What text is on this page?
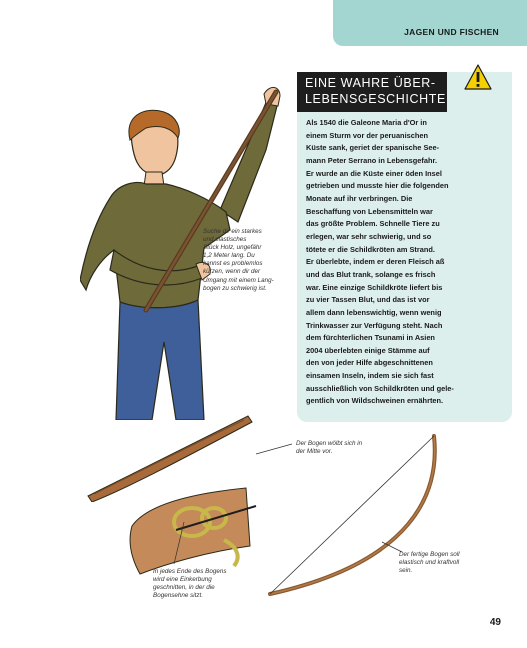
JAGEN UND FISCHEN
Suche dir ein starkes
und elastisches
Stück Holz, ungefähr
1,2 Meter lang. Du
kannst es problemlos
kürzen, wenn dir der
Umgang mit einem Lang-
bogen zu schwierig ist.
EINE WAHRE ÜBER-
LEBENSGESCHICHTE
Als 1540 die Galeone Maria d'Or in
einem Sturm vor der peruanischen
Küste sank, geriet der spanische See-
mann Peter Serrano in Lebensgefahr.
Er wurde an die Küste einer öden Insel
getrieben und musste hier die folgenden
Monate auf ihr verbringen. Die
Beschaffung von Lebensmitteln war
das größte Problem. Schnelle Tiere zu
erlegen, war sehr schwierig, und so
tötete er die Schildkröten am Strand.
Er überlebte, indem er deren Fleisch aß
und das Blut trank, solange es frisch
war. Eine einzige Schildkröte liefert bis
zu vier Tassen Blut, und das ist vor
allem dann lebenswichtig, wenn wenig
Trinkwasser zur Verfügung steht. Nach
dem fürchterlichen Tsunami in Asien
2004 überlebten einige Stämme auf
den von jeder Hilfe abgeschnittenen
einsamen Inseln, indem sie sich fast
ausschließlich von Schildkröten und gele-
gentlich von Wildschweinen ernährten.
Der Bogen wölbt sich in
der Mitte vor.
In jedes Ende des Bogens
wird eine Einkerbung
geschnitten, in der die
Bogensehne sitzt.
Der fertige Bogen soll
elastisch und kraftvoll
sein.
49
